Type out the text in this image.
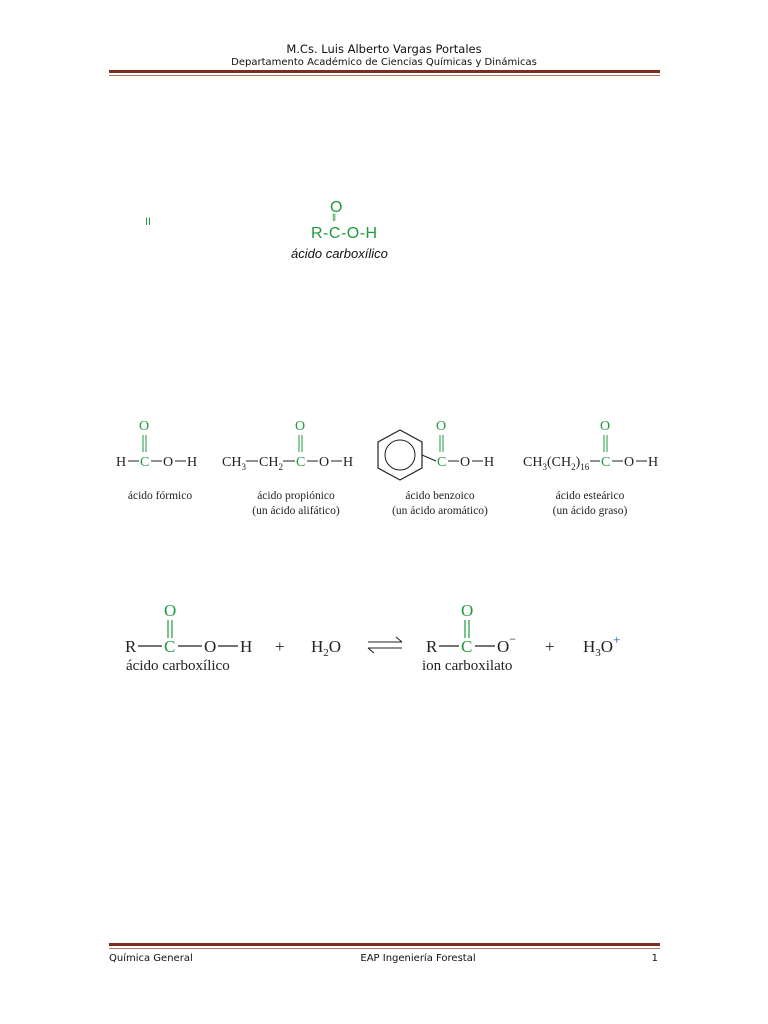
M.Cs. Luis Alberto Vargas Portales
Departamento Académico de Ciencias Químicas y Dinámicas
II
O
‖
R-C-O-H
ácido carboxílico
H C
O
O H $CH_3$ $CH_2$ C
O
O H	C
O
O H $CH_3(CH_2)_{16}$ C
O
O H
ácido fórmico	ácido propiónico
(un ácido alifático)
ácido benzoico
(un ácido aromático)
ácido esteárico
(un ácido graso)
R C
O
O $H + H_2O$	R C
O
$O^- + H_3O^+$
ácido carboxílico	ion carboxilato
Química General	EAP Ingeniería Forestal	1
